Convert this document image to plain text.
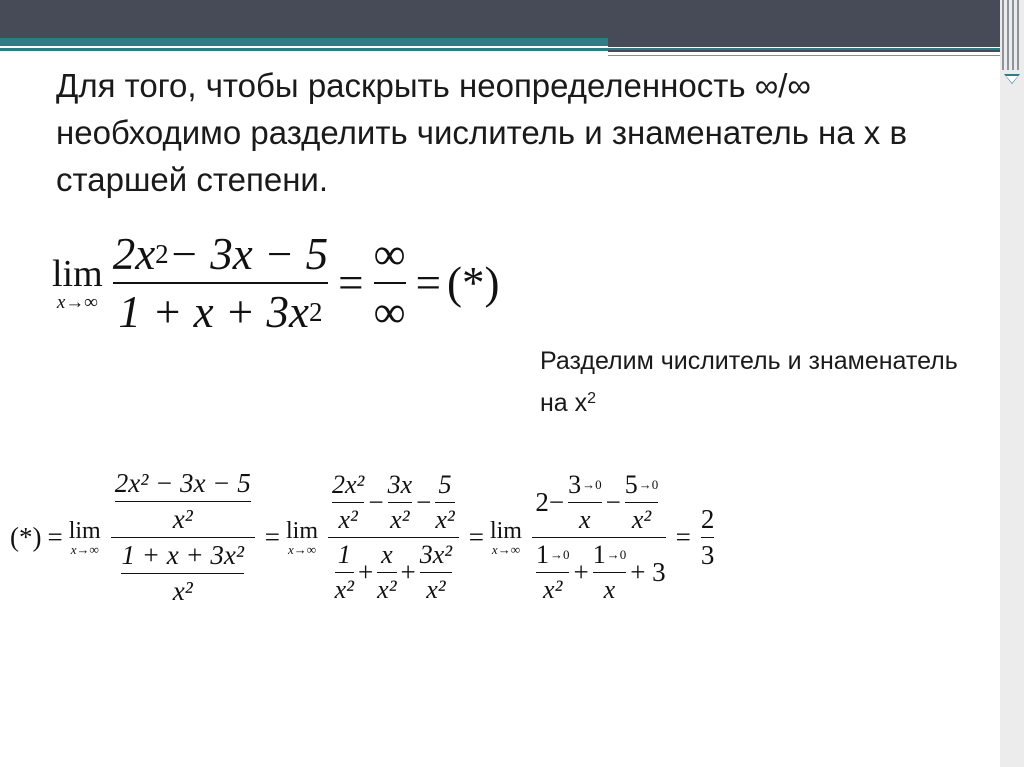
Для того, чтобы раскрыть неопределенность ∞/∞ необходимо разделить числитель и знаменатель на x в старшей степени.

lim
$x\to\infty \frac{2x 2 - 3x - 5}{1 + x + 3x 2} = \frac{\infty}{\infty}$ = (*)

Разделим числитель и знаменатель на $x^2$

(*) = lim
$x\to\infty \frac{\frac{\text{2x² − 3x − 5}}{\text{x²}}}{\frac{\text{1 + x + 3x²}}{\text{x²}}} = \lim$
$x\to\infty \frac{\frac{\text{2x²}}{\text{x²}} - \frac{3x}{\text{x²}} - \frac{5}{\text{x²}}}{\frac{1}{\text{x²}} + \frac{x}{\text{x²}} + \frac{\text{3x²}}{\text{x²}}} = \lim$
$x\to\infty \frac{2 - \frac{3 \to 0}{x} - \frac{5 \to 0}{\text{x²}}}{\frac{1 \to 0}{\text{x²}} + \frac{1 \to 0}{x} + 3} = \frac{2}{3}$
